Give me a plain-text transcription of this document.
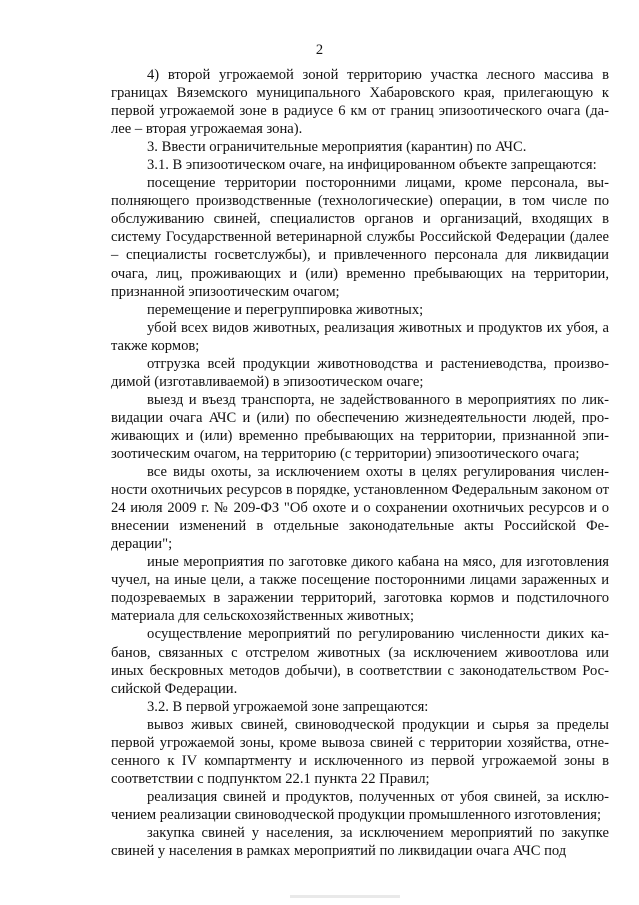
2

4) второй угрожаемой зоной территорию участка лесного массива в границах Вяземского муниципального Хабаровского края, прилегающую к первой угрожаемой зоне в радиусе 6 км от границ эпизоотического очага (далее – вторая угрожаемая зона).

3. Ввести ограничительные мероприятия (карантин) по АЧС.

3.1. В эпизоотическом очаге, на инфицированном объекте запрещаются:

посещение территории посторонними лицами, кроме персонала, выполняющего производственные (технологические) операции, в том числе по обслуживанию свиней, специалистов органов и организаций, входящих в систему Государственной ветеринарной службы Российской Федерации (далее – специалисты госветслужбы), и привлеченного персонала для ликвидации очага, лиц, проживающих и (или) временно пребывающих на территории, признанной эпизоотическим очагом;

перемещение и перегруппировка животных;

убой всех видов животных, реализация животных и продуктов их убоя, а также кормов;

отгрузка всей продукции животноводства и растениеводства, производимой (изготавливаемой) в эпизоотическом очаге;

выезд и въезд транспорта, не задействованного в мероприятиях по ликвидации очага АЧС и (или) по обеспечению жизнедеятельности людей, проживающих и (или) временно пребывающих на территории, признанной эпизоотическим очагом, на территорию (с территории) эпизоотического очага;

все виды охоты, за исключением охоты в целях регулирования численности охотничьих ресурсов в порядке, установленном Федеральным законом от 24 июля 2009 г. № 209-ФЗ "Об охоте и о сохранении охотничьих ресурсов и о внесении изменений в отдельные законодательные акты Российской Федерации";

иные мероприятия по заготовке дикого кабана на мясо, для изготовления чучел, на иные цели, а также посещение посторонними лицами зараженных и подозреваемых в заражении территорий, заготовка кормов и подстилочного материала для сельскохозяйственных животных;

осуществление мероприятий по регулированию численности диких кабанов, связанных с отстрелом животных (за исключением живоотлова или иных бескровных методов добычи), в соответствии с законодательством Российской Федерации.

3.2. В первой угрожаемой зоне запрещаются:

вывоз живых свиней, свиноводческой продукции и сырья за пределы первой угрожаемой зоны, кроме вывоза свиней с территории хозяйства, отнесенного к IV компартменту и исключенного из первой угрожаемой зоны в соответствии с подпунктом 22.1 пункта 22 Правил;

реализация свиней и продуктов, полученных от убоя свиней, за исключением реализации свиноводческой продукции промышленного изготовления;

закупка свиней у населения, за исключением мероприятий по закупке свиней у населения в рамках мероприятий по ликвидации очага АЧС под
